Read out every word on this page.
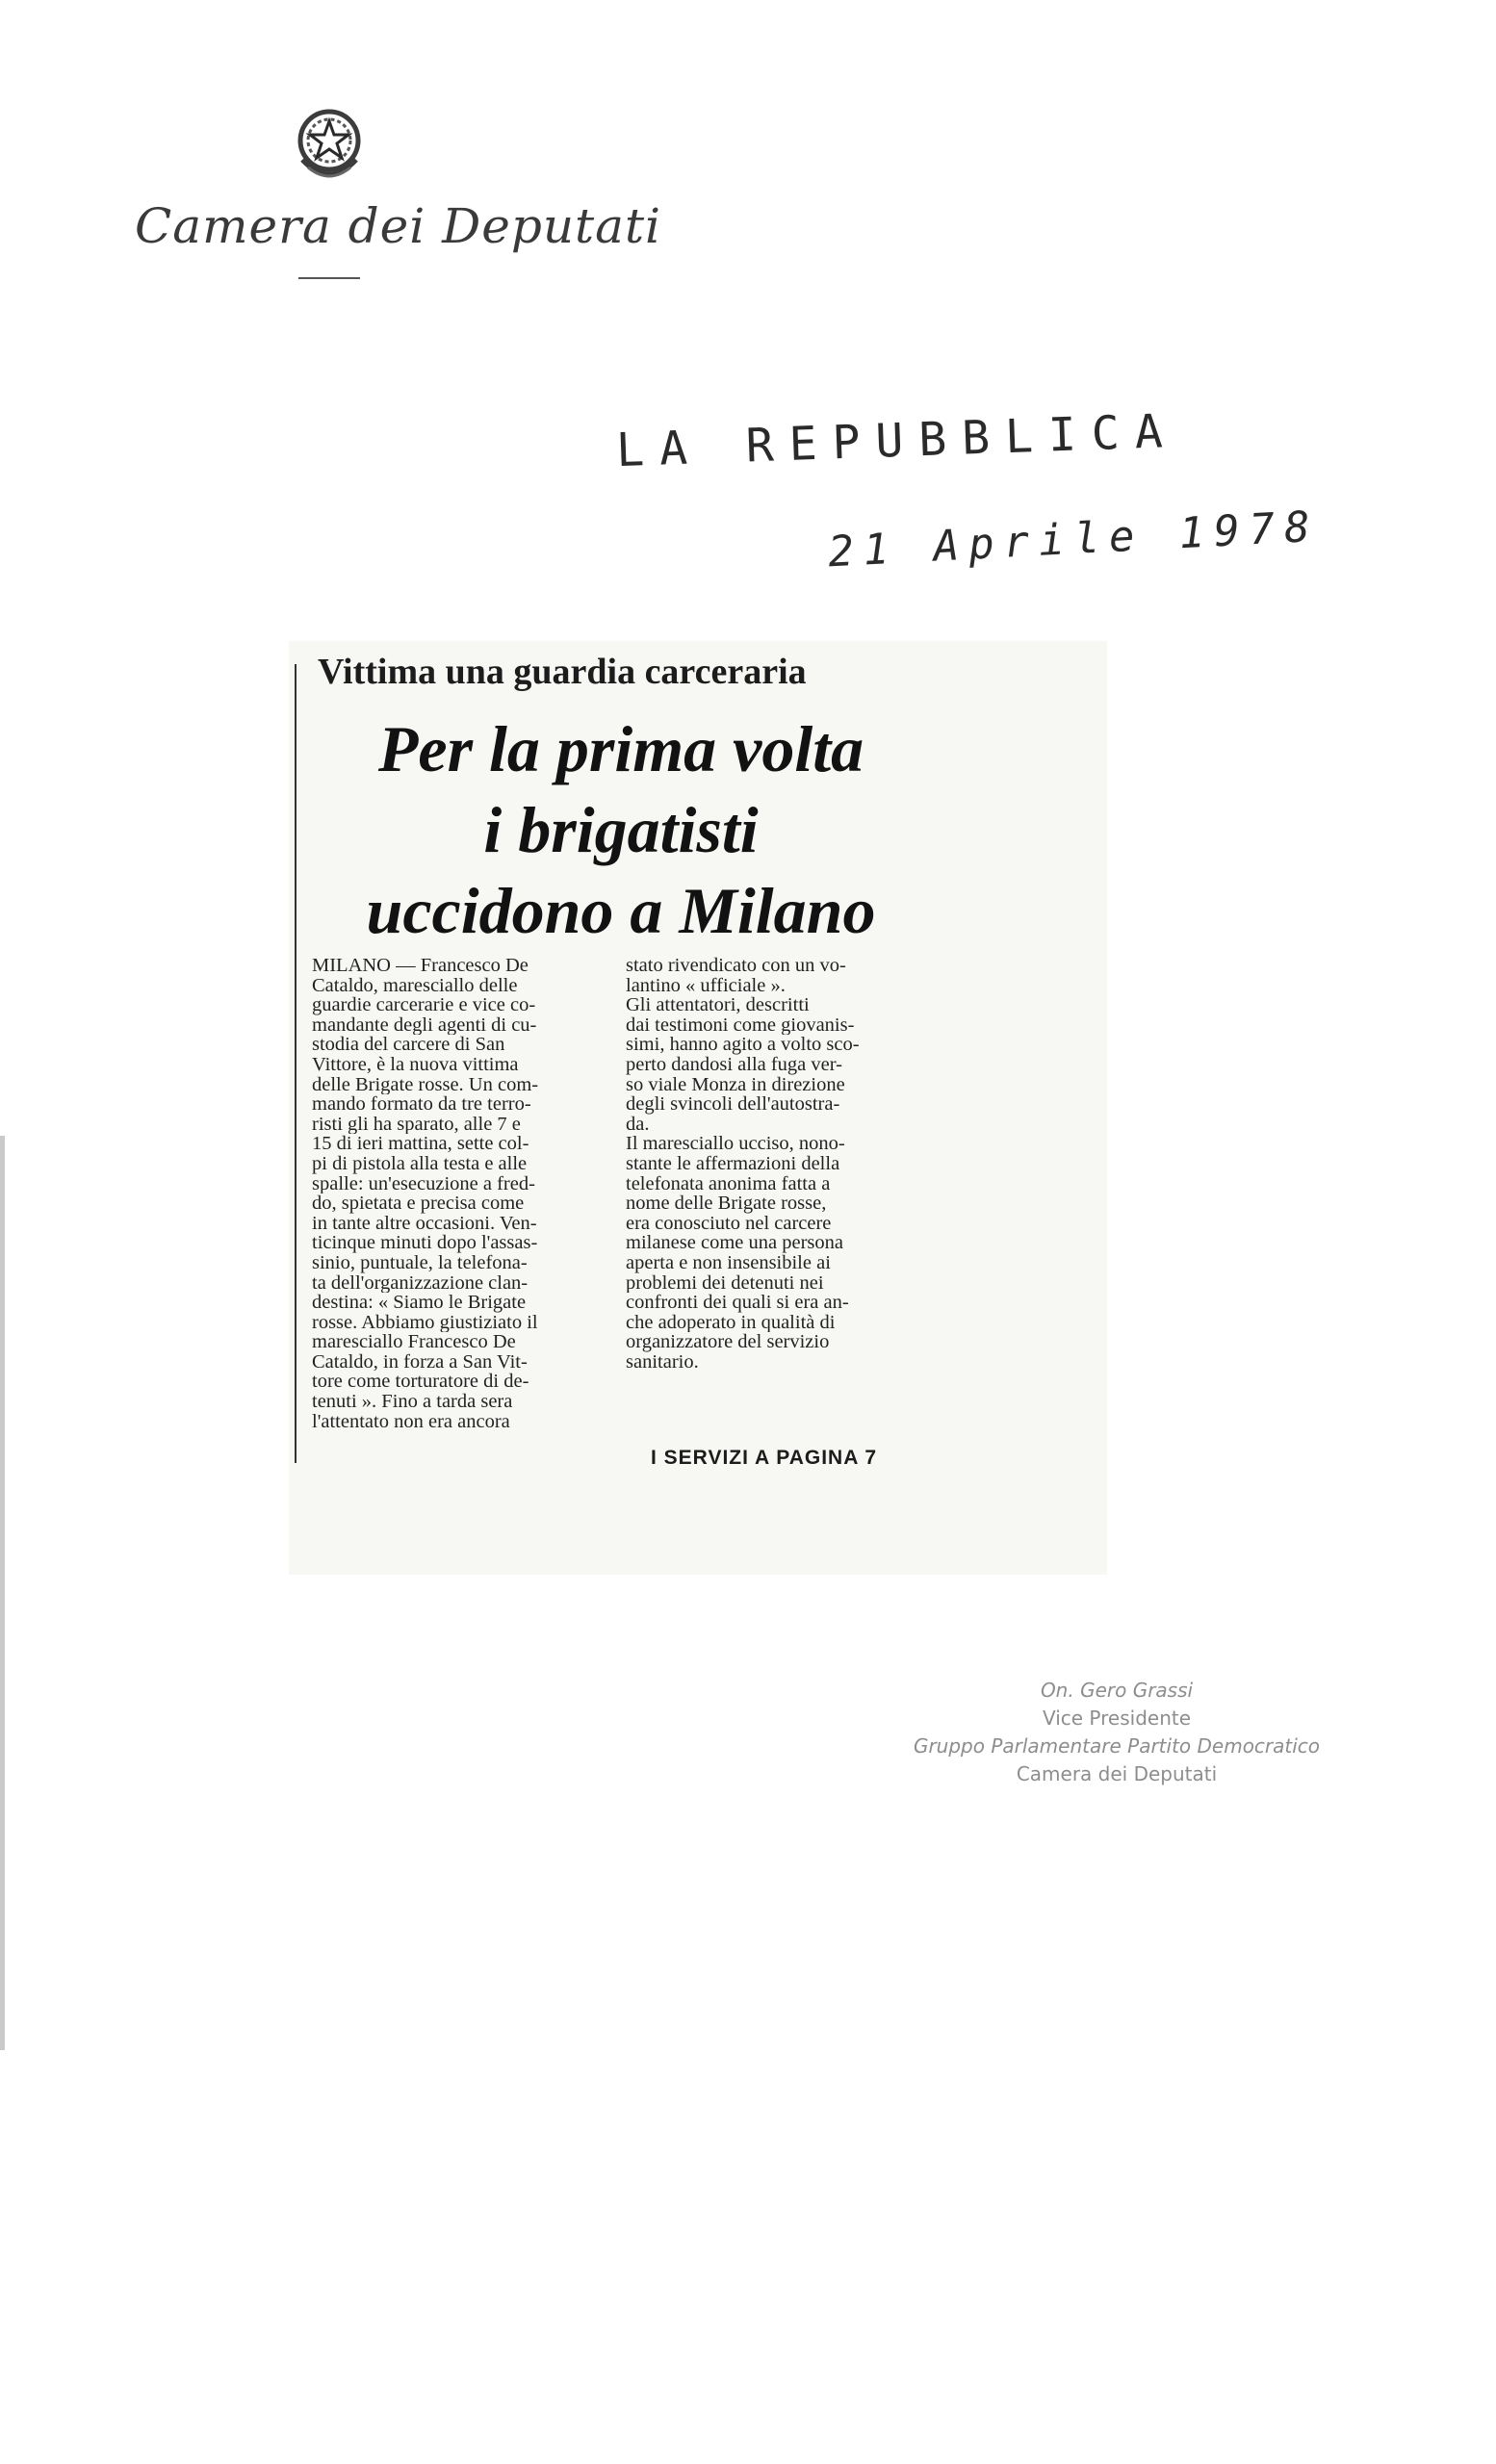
Camera dei Deputati
LA REPUBBLICA
21 Aprile 1978
Vittima una guardia carceraria
Per la prima volta
i brigatisti
uccidono a Milano

MILANO — Francesco De

Cataldo, maresciallo delle

guardie carcerarie e vice co-

mandante degli agenti di cu-

stodia del carcere di San

Vittore, è la nuova vittima

delle Brigate rosse. Un com-

mando formato da tre terro-

risti gli ha sparato, alle 7 e

15 di ieri mattina, sette col-

pi di pistola alla testa e alle

spalle: un'esecuzione a fred-

do, spietata e precisa come

in tante altre occasioni. Ven-

ticinque minuti dopo l'assas-

sinio, puntuale, la telefona-

ta dell'organizzazione clan-

destina: « Siamo le Brigate

rosse. Abbiamo giustiziato il

maresciallo Francesco De

Cataldo, in forza a San Vit-

tore come torturatore di de-

tenuti ». Fino a tarda sera

l'attentato non era ancora

stato rivendicato con un vo-

lantino « ufficiale ».

Gli attentatori, descritti

dai testimoni come giovanis-

simi, hanno agito a volto sco-

perto dandosi alla fuga ver-

so viale Monza in direzione

degli svincoli dell'autostra-

da.

Il maresciallo ucciso, nono-

stante le affermazioni della

telefonata anonima fatta a

nome delle Brigate rosse,

era conosciuto nel carcere

milanese come una persona

aperta e non insensibile ai

problemi dei detenuti nei

confronti dei quali si era an-

che adoperato in qualità di

organizzatore del servizio

sanitario.

I SERVIZI A PAGINA 7
On. Gero Grassi
Vice Presidente
Gruppo Parlamentare Partito Democratico
Camera dei Deputati
